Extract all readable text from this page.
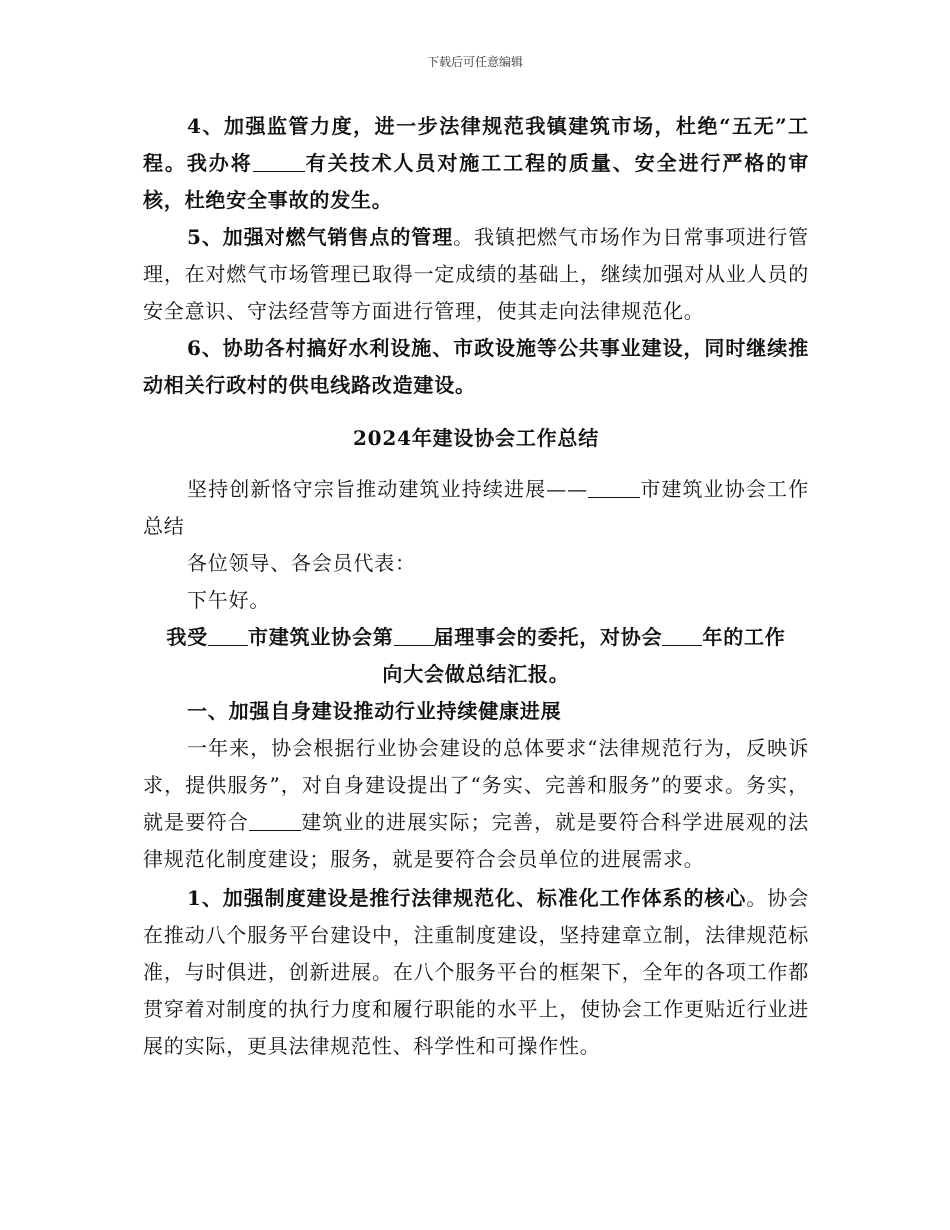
下载后可任意编辑

4、加强监管力度，进一步法律规范我镇建筑市场，杜绝“五无”工程。我办将	有关技术人员对施工工程的质量、安全进行严格的审核，杜绝安全事故的发生。

5、加强对燃气销售点的管理。我镇把燃气市场作为日常事项进行管理，在对燃气市场管理已取得一定成绩的基础上，继续加强对从业人员的安全意识、守法经营等方面进行管理，使其走向法律规范化。

6、协助各村搞好水利设施、市政设施等公共事业建设，同时继续推动相关行政村的供电线路改造建设。

2024年建设协会工作总结

坚持创新恪守宗旨推动建筑业持续进展——	市建筑业协会工作总结

各位领导、各会员代表：

下午好。

我受 市建筑业协会第 届理事会的委托，对协会 年的工作
向大会做总结汇报。

一、加强自身建设推动行业持续健康进展

一年来，协会根据行业协会建设的总体要求“法律规范行为，反映诉求，提供服务”，对自身建设提出了“务实、完善和服务”的要求。务实，就是要符合	建筑业的进展实际；完善，就是要符合科学进展观的法律规范化制度建设；服务，就是要符合会员单位的进展需求。

1、加强制度建设是推行法律规范化、标准化工作体系的核心。协会在推动八个服务平台建设中，注重制度建设，坚持建章立制，法律规范标准，与时俱进，创新进展。在八个服务平台的框架下，全年的各项工作都贯穿着对制度的执行力度和履行职能的水平上，使协会工作更贴近行业进展的实际，更具法律规范性、科学性和可操作性。
